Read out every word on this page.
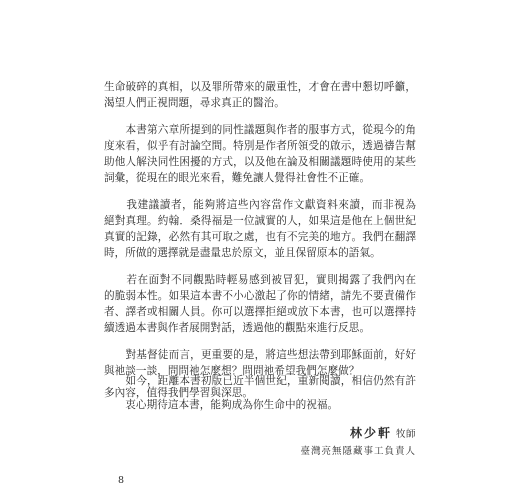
生命破碎的真相，以及罪所帶來的嚴重性，才會在書中懇切呼籲，
渴望人們正視問題，尋求真正的醫治。
　　本書第六章所提到的同性議題與作者的服事方式，從現今的角
度來看，似乎有討論空間。特別是作者所領受的啟示，透過禱告幫
助他人解決同性困擾的方式，以及他在論及相關議題時使用的某些
詞彙，從現在的眼光來看，難免讓人覺得社會性不正確。
　　我建議讀者，能夠將這些內容當作文獻資料來讀，而非視為
絕對真理。約翰．桑得福是一位誠實的人，如果這是他在上個世紀
真實的記錄，必然有其可取之處，也有不完美的地方。我們在翻譯
時，所做的選擇就是盡量忠於原文，並且保留原本的語氣。
　　若在面對不同觀點時輕易感到被冒犯，實則揭露了我們內在
的脆弱本性。如果這本書不小心激起了你的情緒，請先不要責備作
者、譯者或相關人員。你可以選擇拒絕或放下本書，也可以選擇持
續透過本書與作者展開對話，透過他的觀點來進行反思。
　　對基督徒而言，更重要的是，將這些想法帶到耶穌面前，好好
與祂談一談，問問祂怎麼想？問問祂希望我們怎麼做？
　　如今，距離本書初版已近半個世紀，重新閱讀，相信仍然有許
多內容，值得我們學習與深思。
林少軒 牧師
臺灣亮無隱藏事工負責人
8
　　衷心期待這本書，能夠成為你生命中的祝福。
